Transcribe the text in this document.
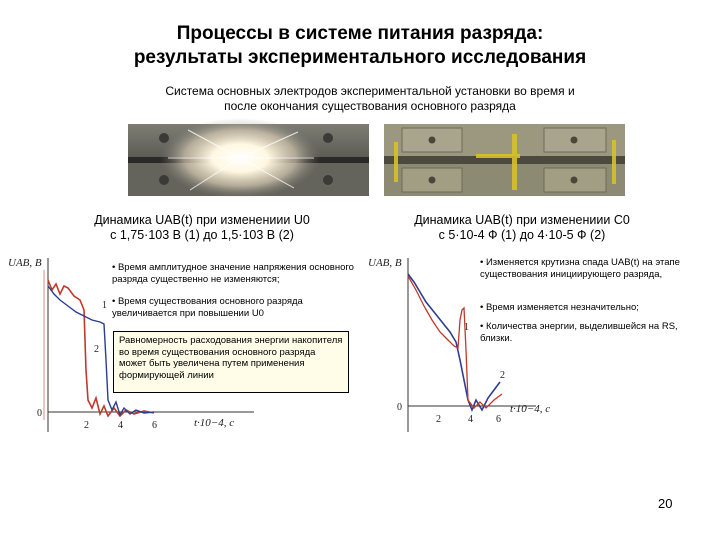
Процессы в системе питания разряда:
результаты экспериментального исследования
Система основных электродов экспериментальной установки во время и
после окончания существования основного разряда
Динамика UAB(t) при изменениии U0
с 1,75·103 В (1) до 1,5·103 В (2)
Динамика UAB(t) при изменениии C0
с 5·10-4 Ф (1) до 4·10-5 Ф (2)
UAB, B
0
2	4	6	t·10−4, c
1
2
UAB, B
0
2	4 6
t·10−4, c
1
2
• Время амплитудное значение напряжения основного разряда существенно не изменяются;
• Время существования основного разряда увеличивается при повышении U0
Равномерность расходования энергии накопителя во время существования основного разряда может быть увеличена путем применения формирующей линии
• Изменяется крутизна спада UAB(t) на этапе существования инициирующего разряда,
• Время изменяется незначительно;
• Количества энергии, выделившейся на RS, близки.
20
